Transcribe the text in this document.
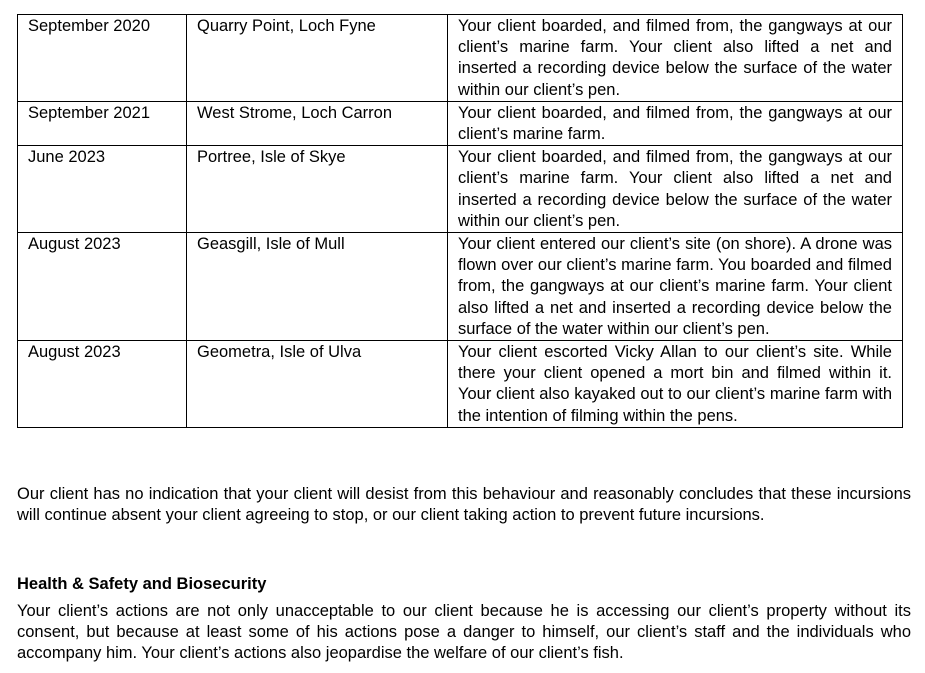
September 2020	Quarry Point, Loch Fyne	Your client boarded, and filmed from, the gangways at our client’s marine farm. Your client also lifted a net and inserted a recording device below the surface of the water within our client’s pen.
September 2021	West Strome, Loch Carron	Your client boarded, and filmed from, the gangways at our client’s marine farm.
June 2023	Portree, Isle of Skye	Your client boarded, and filmed from, the gangways at our client’s marine farm. Your client also lifted a net and inserted a recording device below the surface of the water within our client’s pen.
August 2023	Geasgill, Isle of Mull	Your client entered our client’s site (on shore). A drone was flown over our client’s marine farm. You boarded and filmed from, the gangways at our client’s marine farm. Your client also lifted a net and inserted a recording device below the surface of the water within our client’s pen.
August 2023	Geometra, Isle of Ulva	Your client escorted Vicky Allan to our client’s site. While there your client opened a mort bin and filmed within it. Your client also kayaked out to our client’s marine farm with the intention of filming within the pens.

Our client has no indication that your client will desist from this behaviour and reasonably concludes that these incursions will continue absent your client agreeing to stop, or our client taking action to prevent future incursions.

Health & Safety and Biosecurity

Your client’s actions are not only unacceptable to our client because he is accessing our client’s property without its consent, but because at least some of his actions pose a danger to himself, our client’s staff and the individuals who accompany him. Your client’s actions also jeopardise the welfare of our client’s fish.
